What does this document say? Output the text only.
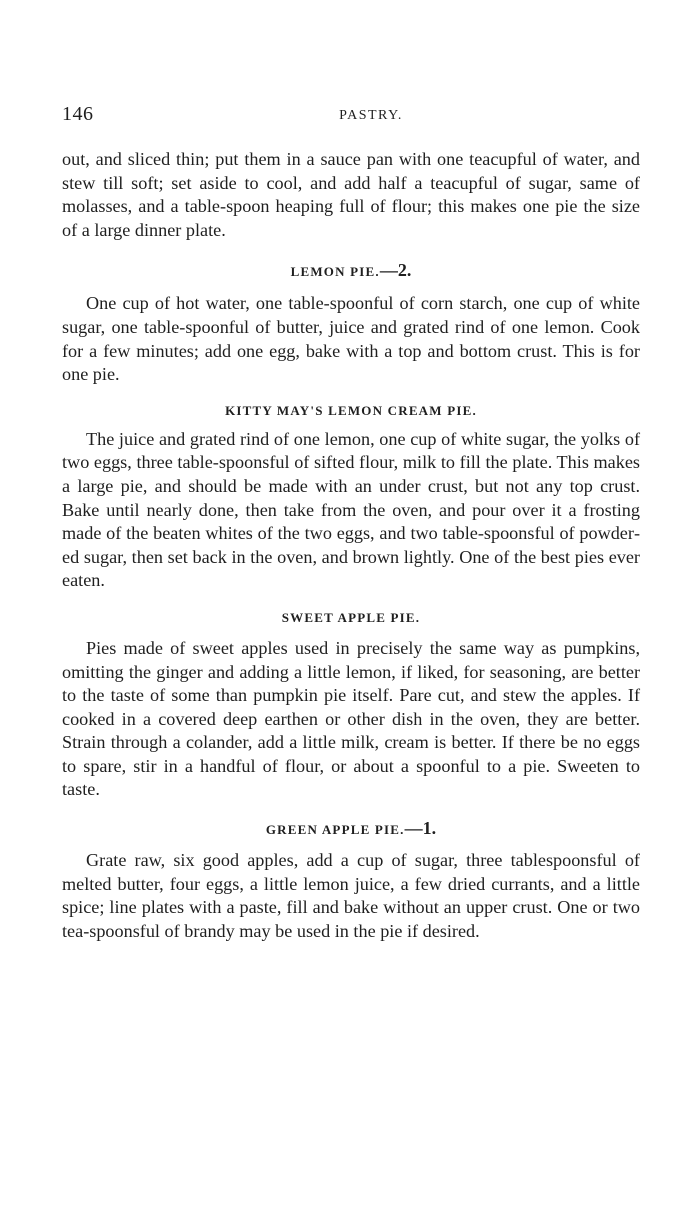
146	PASTRY.

out, and sliced thin; put them in a sauce pan with one teacupful of water, and stew till soft; set aside to cool, and add half a teacupful of sugar, same of molasses, and a table-spoon heaping full of flour; this makes one pie the size of a large dinner plate.

LEMON PIE.—2.

One cup of hot water, one table-spoonful of corn starch, one cup of white sugar, one table-spoonful of butter, juice and grated rind of one lemon. Cook for a few minutes; add one egg, bake with a top and bottom crust. This is for one pie.

KITTY MAY'S LEMON CREAM PIE.

The juice and grated rind of one lemon, one cup of white sugar, the yolks of two eggs, three table-spoonsful of sifted flour, milk to fill the plate. This makes a large pie, and should be made with an under crust, but not any top crust. Bake until nearly done, then take from the oven, and pour over it a frosting made of the beaten whites of the two eggs, and two table-spoonsful of powdered sugar, then set back in the oven, and brown lightly. One of the best pies ever eaten.

SWEET APPLE PIE.

Pies made of sweet apples used in precisely the same way as pumpkins, omitting the ginger and adding a little lemon, if liked, for seasoning, are better to the taste of some than pumpkin pie itself. Pare cut, and stew the apples. If cooked in a covered deep earthen or other dish in the oven, they are better. Strain through a colander, add a little milk, cream is better. If there be no eggs to spare, stir in a handful of flour, or about a spoonful to a pie. Sweeten to taste.

GREEN APPLE PIE.—1.

Grate raw, six good apples, add a cup of sugar, three tablespoonsful of melted butter, four eggs, a little lemon juice, a few dried currants, and a little spice; line plates with a paste, fill and bake without an upper crust. One or two tea-spoonsful of brandy may be used in the pie if desired.
